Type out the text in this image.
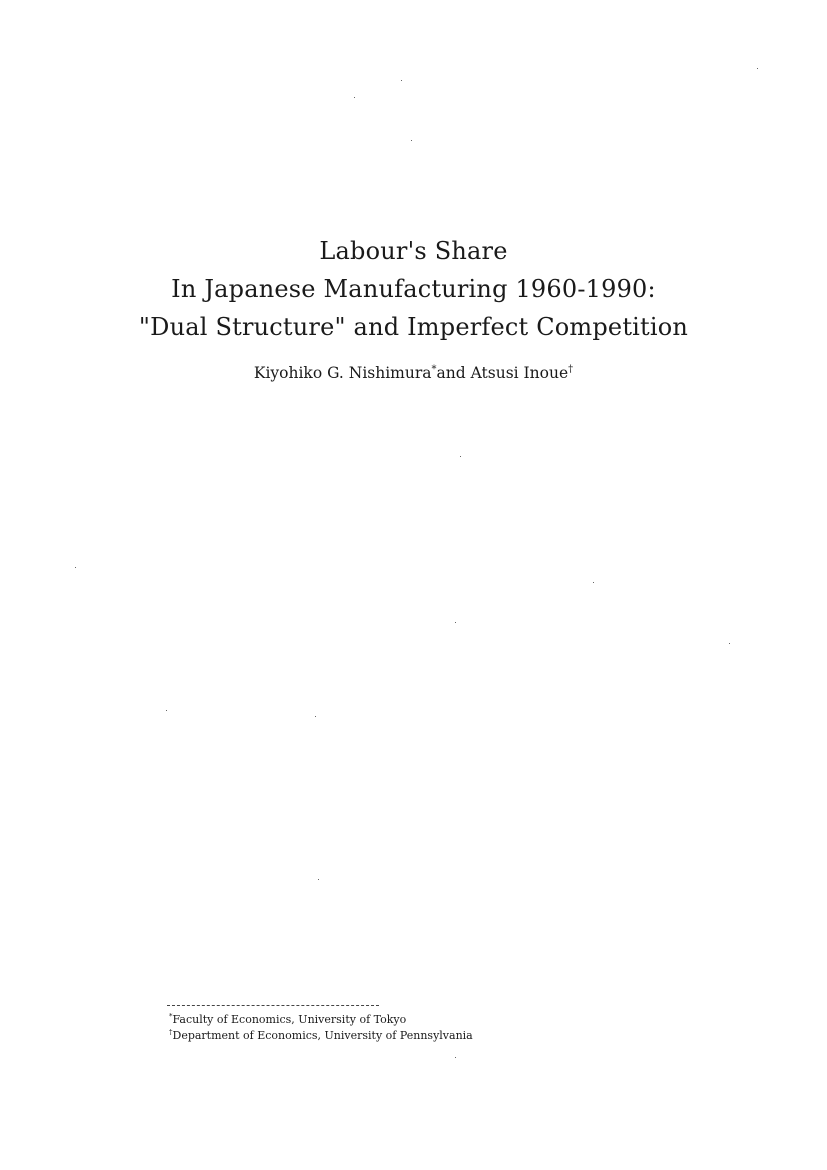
Labour's Share
In Japanese Manufacturing 1960-1990:
"Dual Structure" and Imperfect Competition
Kiyohiko G. Nishimura*and Atsusi Inoue†
*Faculty of Economics, University of Tokyo
†Department of Economics, University of Pennsylvania
